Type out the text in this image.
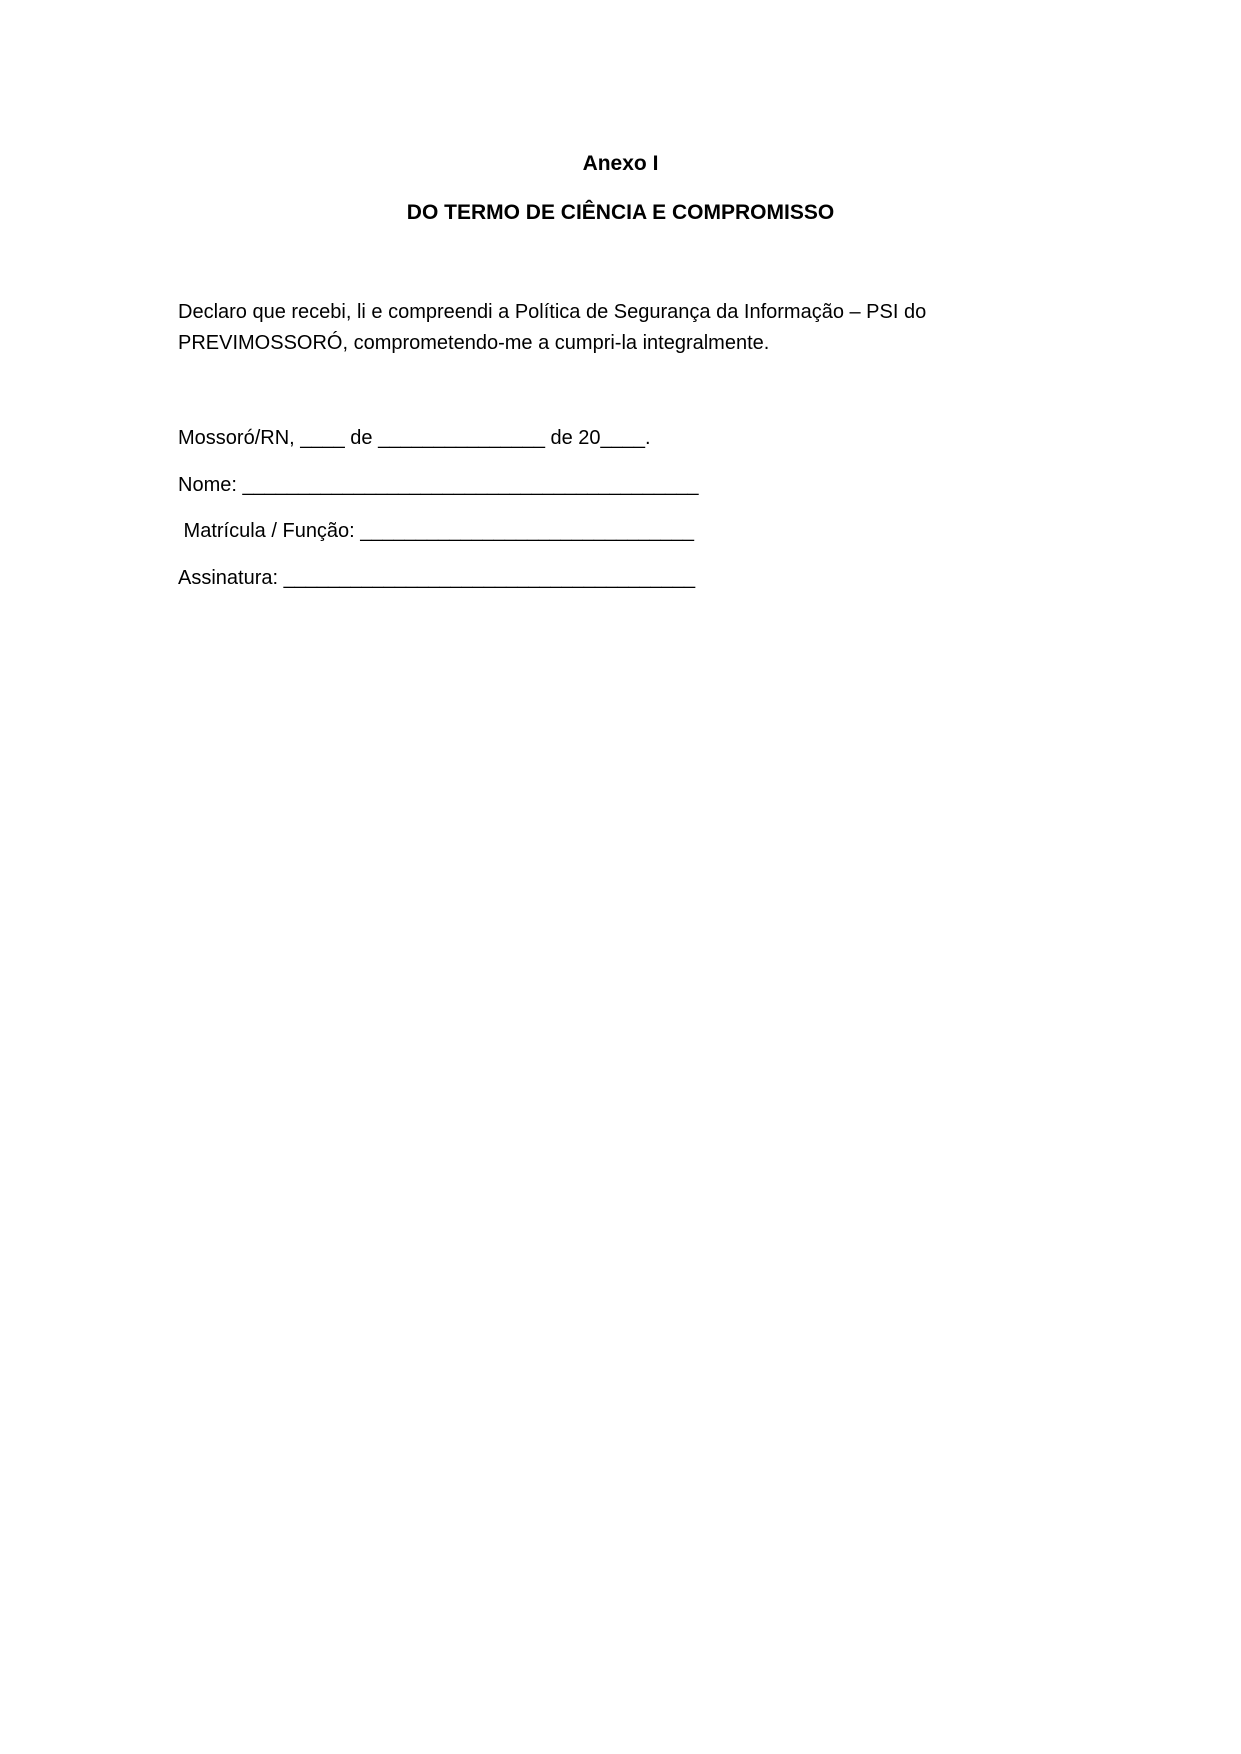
Anexo I
DO TERMO DE CIÊNCIA E COMPROMISSO
Declaro que recebi, li e compreendi a Política de Segurança da Informação – PSI do
PREVIMOSSORÓ, comprometendo-me a cumpri-la integralmente.
Mossoró/RN, ____ de _______________ de 20____.
Nome: _________________________________________
Matrícula / Função: ______________________________
Assinatura: _____________________________________
